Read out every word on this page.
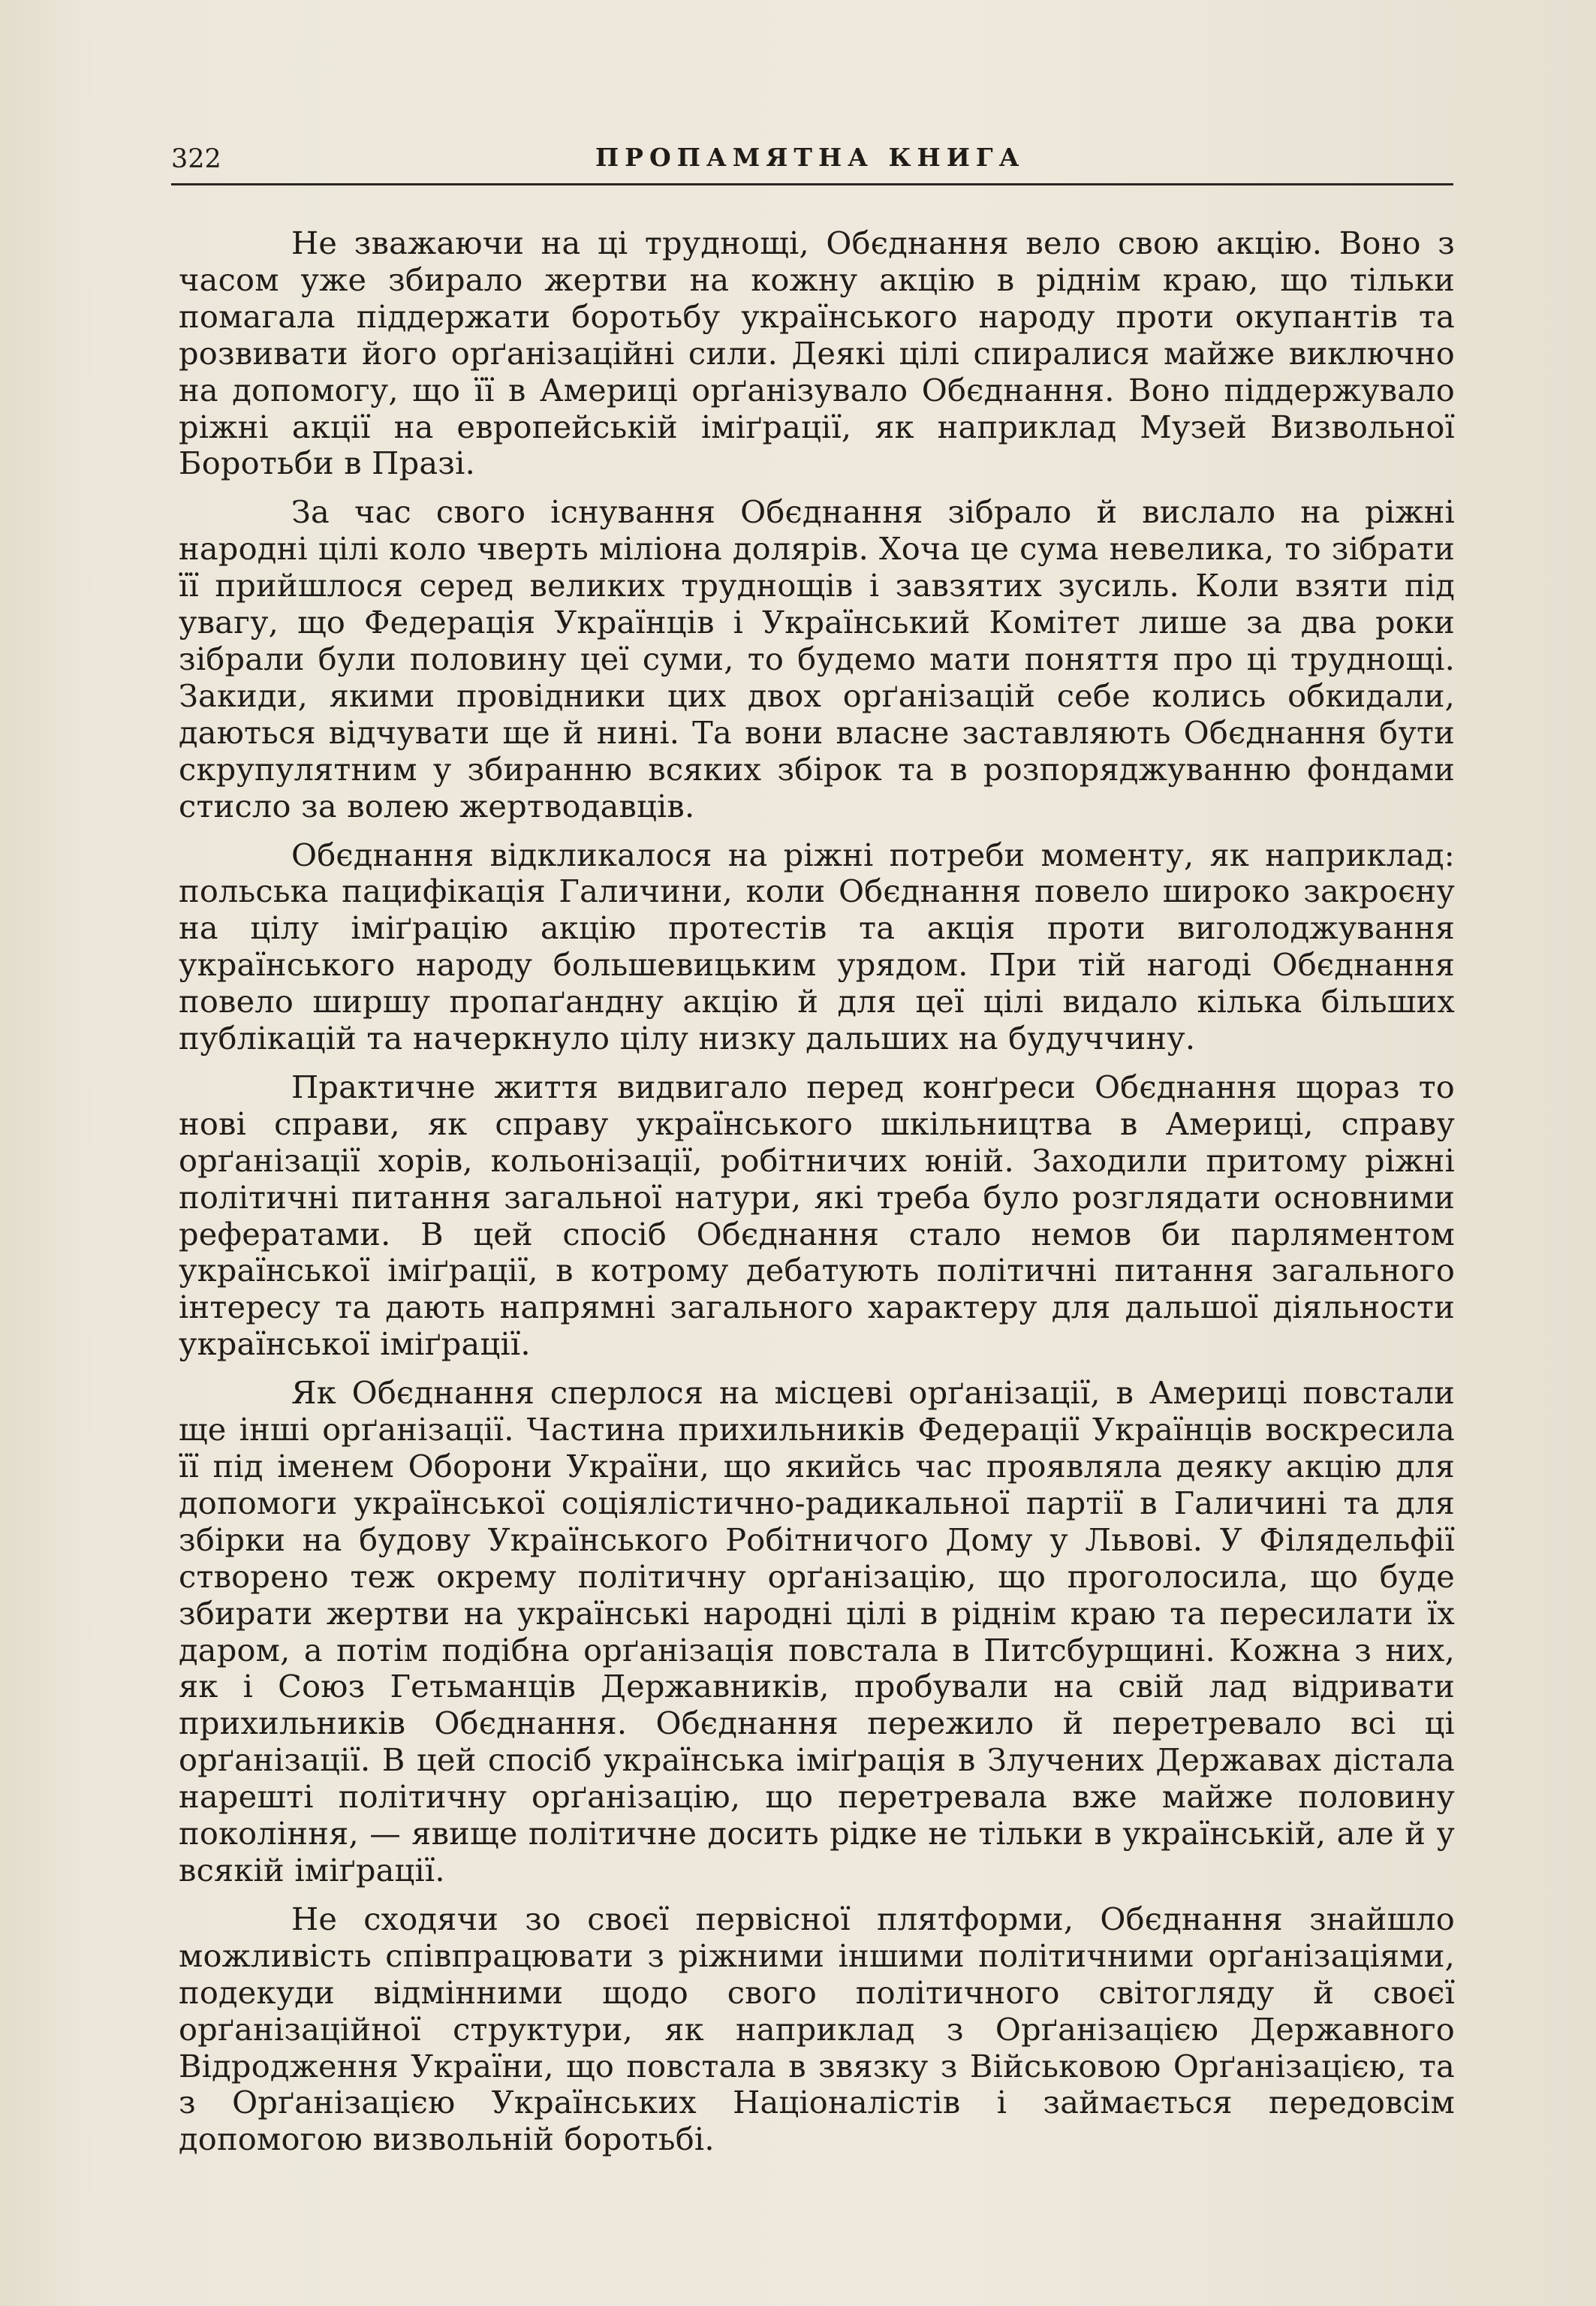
322	ПРОПАМЯТНА КНИГА

Не зважаючи на ці труднощі, Обєднання вело свою акцію. Воно з часом уже збирало жертви на кожну акцію в ріднім краю, що тільки помагала піддержати боротьбу українського народу проти окупантів та розвивати його орґанізаційні сили. Деякі цілі спиралися майже виключно на допомогу, що її в Америці орґанізувало Обєднання. Воно піддержувало ріжні акції на европейській іміґрації, як наприклад Музей Визвольної Боротьби в Празі.

За час свого існування Обєднання зібрало й вислало на ріжні народні цілі коло чверть міліона долярів. Хоча це сума невелика, то зібрати її прийшлося серед великих труднощів і завзятих зусиль. Коли взяти під увагу, що Федерація Українців і Український Комітет лише за два роки зібрали були половину цеї суми, то будемо мати поняття про ці труднощі. Закиди, якими провідники цих двох орґанізацій себе колись обкидали, даються відчувати ще й нині. Та вони власне заставляють Обєднання бути скрупулятним у збиранню всяких збірок та в розпоряджуванню фондами стисло за волею жертводавців.

Обєднання відкликалося на ріжні потреби моменту, як наприклад: польська пацифікація Галичини, коли Обєднання повело широко закроєну на цілу іміґрацію акцію протестів та акція проти виголоджування українського народу большевицьким урядом. При тій нагоді Обєднання повело ширшу пропаґандну акцію й для цеї цілі видало кілька більших публікацій та начеркнуло цілу низку дальших на будуччину.

Практичне життя видвигало перед конґреси Обєднання щораз то нові справи, як справу українського шкільництва в Америці, справу орґанізації хорів, кольонізації, робітничих юній. Заходили притому ріжні політичні питання загальної натури, які треба було розглядати основними рефератами. В цей спосіб Обєднання стало немов би парляментом української іміґрації, в котрому дебатують політичні питання загального інтересу та дають напрямні загального характеру для дальшої діяльности української іміґрації.

Як Обєднання сперлося на місцеві орґанізації, в Америці повстали ще інші орґанізації. Частина прихильників Федерації Українців воскресила її під іменем Оборони України, що якийсь час проявляла деяку акцію для допомоги української соціялістично-радикальної партії в Галичині та для збірки на будову Українського Робітничого Дому у Львові. У Філядельфії створено теж окрему політичну орґанізацію, що проголосила, що буде збирати жертви на українські народні цілі в ріднім краю та пересилати їх даром, а потім подібна орґанізація повстала в Питсбурщині. Кожна з них, як і Союз Гетьманців Державників, пробували на свій лад відривати прихильників Обєднання. Обєднання пережило й перетревало всі ці орґанізації. В цей спосіб українська іміґрація в Злучених Державах дістала нарешті політичну орґанізацію, що перетревала вже майже половину покоління, — явище політичне досить рідке не тільки в українській, але й у всякій іміґрації.

Не сходячи зо своєї первісної плятформи, Обєднання знайшло можливість співпрацювати з ріжними іншими політичними орґанізаціями, подекуди відмінними щодо свого політичного світогляду й своєї орґанізаційної структури, як наприклад з Орґанізацією Державного Відродження України, що повстала в звязку з Військовою Орґанізацією, та з Орґанізацією Українських Націоналістів і займається передовсім допомогою визвольній боротьбі.
